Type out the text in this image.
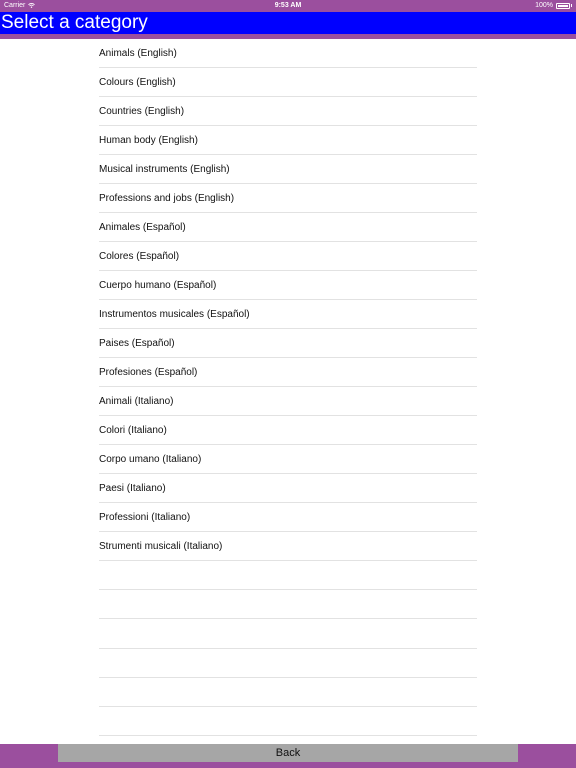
Carrier	9:53 AM	100%
Select a category
Animals (English)
Colours (English)
Countries (English)
Human body (English)
Musical instruments (English)
Professions and jobs (English)
Animales (Español)
Colores (Español)
Cuerpo humano (Español)
Instrumentos musicales (Español)
Paises (Español)
Profesiones (Español)
Animali (Italiano)
Colori (Italiano)
Corpo umano (Italiano)
Paesi (Italiano)
Professioni (Italiano)
Strumenti musicali (Italiano)
Back
